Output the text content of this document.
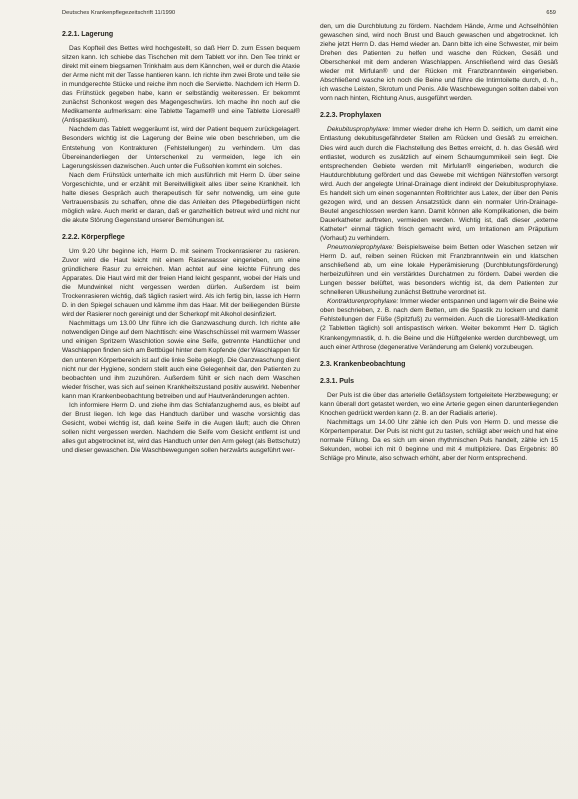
Deutsches Krankenpflegezeitschrift 11/1990	659
2.2.1. Lagerung

Das Kopfteil des Bettes wird hochgestellt, so daß Herr D. zum Essen bequem sitzen kann. Ich schiebe das Tischchen mit dem Tablett vor ihn. Den Tee trinkt er direkt mit einem biegsamen Trinkhalm aus dem Kännchen, weil er durch die Ataxie der Arme nicht mit der Tasse hantieren kann. Ich richte ihm zwei Brote und teile sie in mundgerechte Stücke und reiche ihm noch die Serviette. Nachdem ich Herrn D. das Frühstück gegeben habe, kann er selbständig weiteressen. Er bekommt zunächst Schonkost wegen des Magengeschwürs. Ich mache ihn noch auf die Medikamente aufmerksam: eine Tablette Tagamet® und eine Tablette Lioresal® (Antispastikum).

Nachdem das Tablett weggeräumt ist, wird der Patient bequem zurückgelagert. Besonders wichtig ist die Lagerung der Beine wie oben beschrieben, um die Entstehung von Kontrakturen (Fehlstellungen) zu verhindern. Um das Übereinanderliegen der Unterschenkel zu vermeiden, lege ich ein Lagerungskissen dazwischen. Auch unter die Fußsohlen kommt ein solches.

Nach dem Frühstück unterhalte ich mich ausführlich mit Herrn D. über seine Vorgeschichte, und er erzählt mit Bereitwilligkeit alles über seine Krankheit. Ich halte dieses Gespräch auch therapeutisch für sehr notwendig, um eine gute Vertrauensbasis zu schaffen, ohne die das Anleiten des Pflegebedürftigen nicht möglich wäre. Auch merkt er daran, daß er ganzheitlich betreut wird und nicht nur die akute Störung Gegenstand unserer Bemühungen ist.

2.2.2. Körperpflege

Um 9.20 Uhr beginne ich, Herrn D. mit seinem Trockenrasierer zu rasieren. Zuvor wird die Haut leicht mit einem Rasierwasser eingerieben, um eine gründlichere Rasur zu erreichen. Man achtet auf eine leichte Führung des Apparates. Die Haut wird mit der freien Hand leicht gespannt, wobei der Hals und die Mundwinkel nicht vergessen werden dürfen. Außerdem ist beim Trockenrasieren wichtig, daß täglich rasiert wird. Als ich fertig bin, lasse ich Herrn D. in den Spiegel schauen und kämme ihm das Haar. Mit der beiliegenden Bürste wird der Rasierer noch gereinigt und der Scherkopf mit Alkohol desinfiziert.

Nachmittags um 13.00 Uhr führe ich die Ganzwaschung durch. Ich richte alle notwendigen Dinge auf dem Nachttisch: eine Waschschüssel mit warmem Wasser und einigen Spritzern Waschlotion sowie eine Seife, getrennte Handtücher und Waschlappen finden sich am Bettbügel hinter dem Kopfende (der Waschlappen für den unteren Körperbereich ist auf die linke Seite gelegt). Die Ganzwaschung dient nicht nur der Hygiene, sondern stellt auch eine Gelegenheit dar, den Patienten zu beobachten und ihm zuzuhören. Außerdem fühlt er sich nach dem Waschen wieder frischer, was sich auf seinen Krankheitszustand positiv auswirkt. Nebenher kann man Krankenbeobachtung betreiben und auf Hautveränderungen achten.

Ich informiere Herrn D. und ziehe ihm das Schlafanzughemd aus, es bleibt auf der Brust liegen. Ich lege das Handtuch darüber und wasche vorsichtig das Gesicht, wobei wichtig ist, daß keine Seife in die Augen läuft; auch die Ohren sollen nicht vergessen werden. Nachdem die Seife vom Gesicht entfernt ist und alles gut abgetrocknet ist, wird das Handtuch unter den Arm gelegt (als Bettschutz) und dieser gewaschen. Die Waschbewegungen sollen herzwärts ausgeführt wer-

den, um die Durchblutung zu fördern. Nachdem Hände, Arme und Achselhöhlen gewaschen sind, wird noch Brust und Bauch gewaschen und abgetrocknet. Ich ziehe jetzt Herrn D. das Hemd wieder an. Dann bitte ich eine Schwester, mir beim Drehen des Patienten zu helfen und wasche den Rücken, Gesäß und Oberschenkel mit dem anderen Waschlappen. Anschließend wird das Gesäß wieder mit Mirfulan® und der Rücken mit Franzbranntwein eingerieben. Abschließend wasche ich noch die Beine und führe die Intimtoilette durch, d. h., ich wasche Leisten, Skrotum und Penis. Alle Waschbewegungen sollten dabei von vorn nach hinten, Richtung Anus, ausgeführt werden.

2.2.3. Prophylaxen

Dekubitusprophylaxe: Immer wieder drehe ich Herrn D. seitlich, um damit eine Entlastung dekubitusgefährdeter Stellen am Rücken und Gesäß zu erreichen. Dies wird auch durch die Flachstellung des Bettes erreicht, d. h. das Gesäß wird entlastet, wodurch es zusätzlich auf einem Schaumgummikeil sein liegt. Die entsprechenden Gebiete werden mit Mirfulan® eingerieben, wodurch die Hautdurchblutung gefördert und das Gewebe mit wichtigen Nährstoffen versorgt wird. Auch der angelegte Urinal-Drainage dient indirekt der Dekubitusprophylaxe. Es handelt sich um einen sogenannten Rolltrichter aus Latex, der über den Penis gezogen wird, und an dessen Ansatzstück dann ein normaler Urin-Drainage-Beutel angeschlossen werden kann. Damit können alle Komplikationen, die beim Dauerkatheter auftreten, vermieden werden. Wichtig ist, daß dieser „externe Katheter“ einmal täglich frisch gemacht wird, um Irritationen am Präputium (Vorhaut) zu verhindern.

Pneumonieprophylaxe: Beispielsweise beim Betten oder Waschen setzen wir Herrn D. auf, reiben seinen Rücken mit Franzbranntwein ein und klatschen anschließend ab, um eine lokale Hyperämisierung (Durchblutungsförderung) herbeizuführen und ein verstärktes Durchatmen zu fördern. Dabei werden die Lungen besser belüftet, was besonders wichtig ist, da dem Patienten zur schnelleren Ulkusheilung zunächst Bettruhe verordnet ist.

Kontrakturenprophylaxe: Immer wieder entspannen und lagern wir die Beine wie oben beschrieben, z. B. nach dem Betten, um die Spastik zu lockern und damit Fehlstellungen der Füße (Spitzfuß) zu vermeiden. Auch die Lioresal®-Medikation (2 Tabletten täglich) soll antispastisch wirken. Weiter bekommt Herr D. täglich Krankengymnastik, d. h. die Beine und die Hüftgelenke werden durchbewegt, um auch einer Arthrose (degenerative Veränderung am Gelenk) vorzubeugen.

2.3. Krankenbeobachtung
2.3.1. Puls

Der Puls ist die über das arterielle Gefäßsystem fortgeleitete Herzbewegung; er kann überall dort getastet werden, wo eine Arterie gegen einen darunterliegenden Knochen gedrückt werden kann (z. B. an der Radialis arterie).

Nachmittags um 14.00 Uhr zähle ich den Puls von Herrn D. und messe die Körpertemperatur. Der Puls ist nicht gut zu tasten, schlägt aber weich und hat eine normale Füllung. Da es sich um einen rhythmischen Puls handelt, zähle ich 15 Sekunden, wobei ich mit 0 beginne und mit 4 multipliziere. Das Ergebnis: 80 Schläge pro Minute, also schwach erhöht, aber der Norm entsprechend.
